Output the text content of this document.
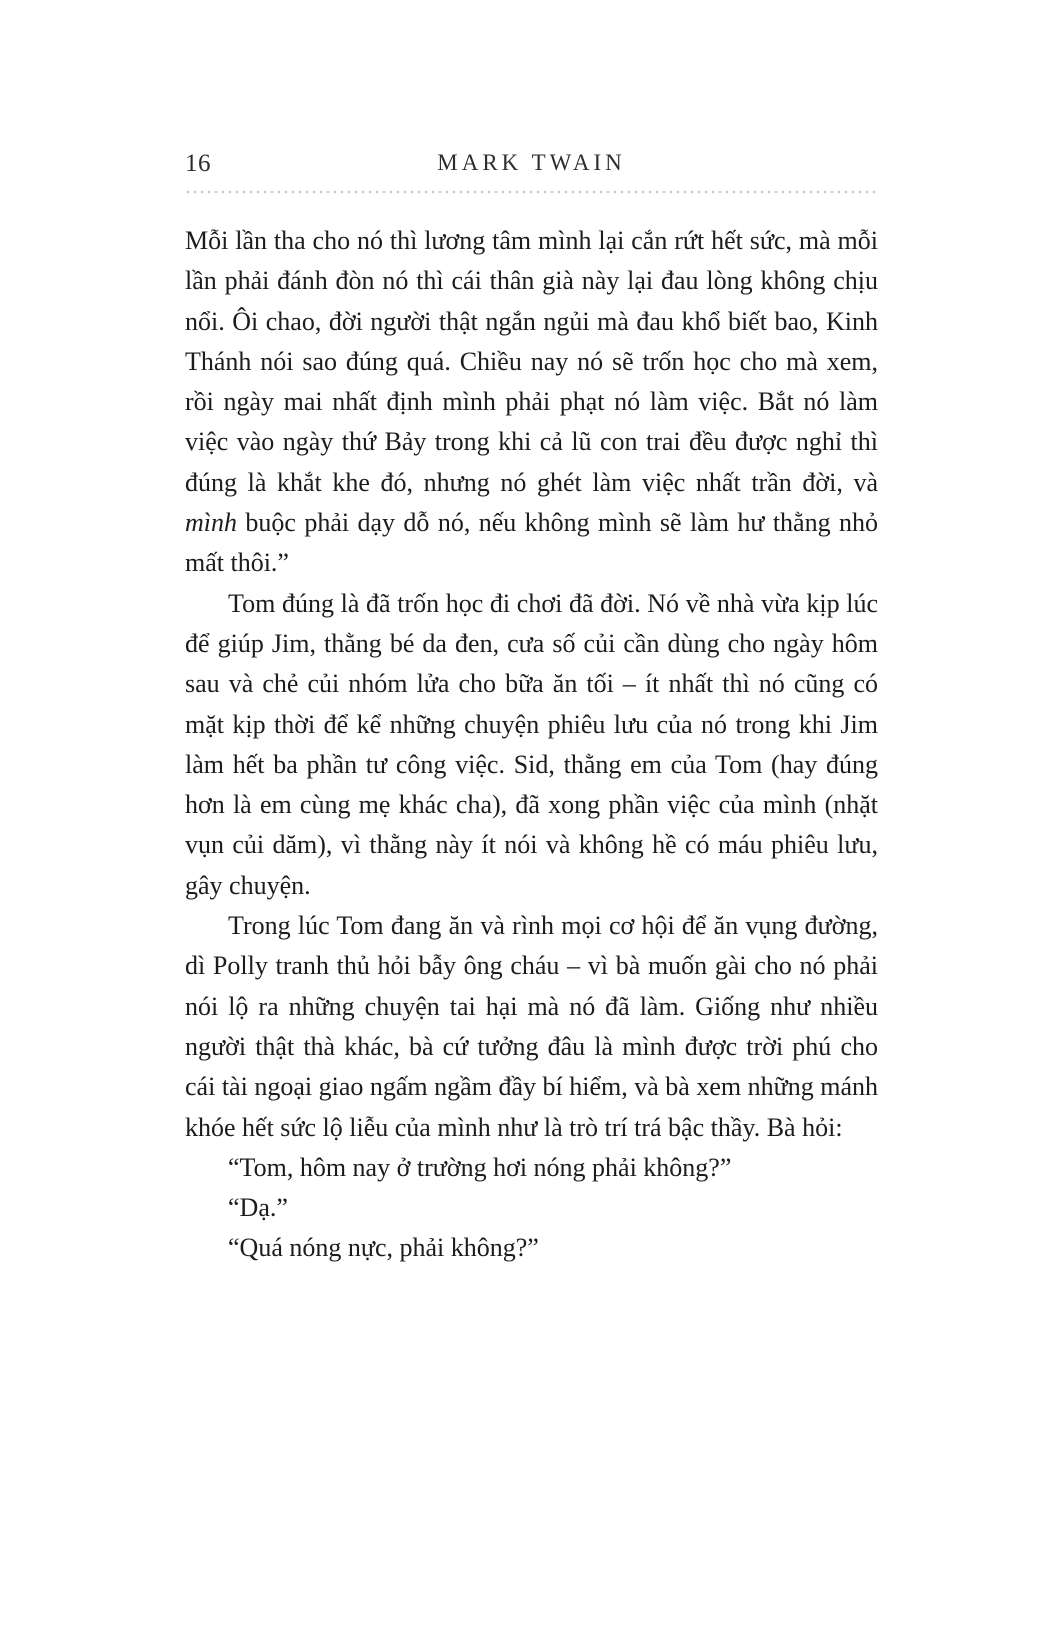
16	MARK TWAIN

Mỗi lần tha cho nó thì lương tâm mình lại cắn rứt hết sức, mà mỗi lần phải đánh đòn nó thì cái thân già này lại đau lòng không chịu nổi. Ôi chao, đời người thật ngắn ngủi mà đau khổ biết bao, Kinh Thánh nói sao đúng quá. Chiều nay nó sẽ trốn học cho mà xem, rồi ngày mai nhất định mình phải phạt nó làm việc. Bắt nó làm việc vào ngày thứ Bảy trong khi cả lũ con trai đều được nghỉ thì đúng là khắt khe đó, nhưng nó ghét làm việc nhất trần đời, và mình buộc phải dạy dỗ nó, nếu không mình sẽ làm hư thằng nhỏ mất thôi.”

Tom đúng là đã trốn học đi chơi đã đời. Nó về nhà vừa kịp lúc để giúp Jim, thằng bé da đen, cưa số củi cần dùng cho ngày hôm sau và chẻ củi nhóm lửa cho bữa ăn tối – ít nhất thì nó cũng có mặt kịp thời để kể những chuyện phiêu lưu của nó trong khi Jim làm hết ba phần tư công việc. Sid, thằng em của Tom (hay đúng hơn là em cùng mẹ khác cha), đã xong phần việc của mình (nhặt vụn củi dăm), vì thằng này ít nói và không hề có máu phiêu lưu, gây chuyện.

Trong lúc Tom đang ăn và rình mọi cơ hội để ăn vụng đường, dì Polly tranh thủ hỏi bẫy ông cháu – vì bà muốn gài cho nó phải nói lộ ra những chuyện tai hại mà nó đã làm. Giống như nhiều người thật thà khác, bà cứ tưởng đâu là mình được trời phú cho cái tài ngoại giao ngấm ngầm đầy bí hiểm, và bà xem những mánh khóe hết sức lộ liễu của mình như là trò trí trá bậc thầy. Bà hỏi:

“Tom, hôm nay ở trường hơi nóng phải không?”

“Dạ.”

“Quá nóng nực, phải không?”
